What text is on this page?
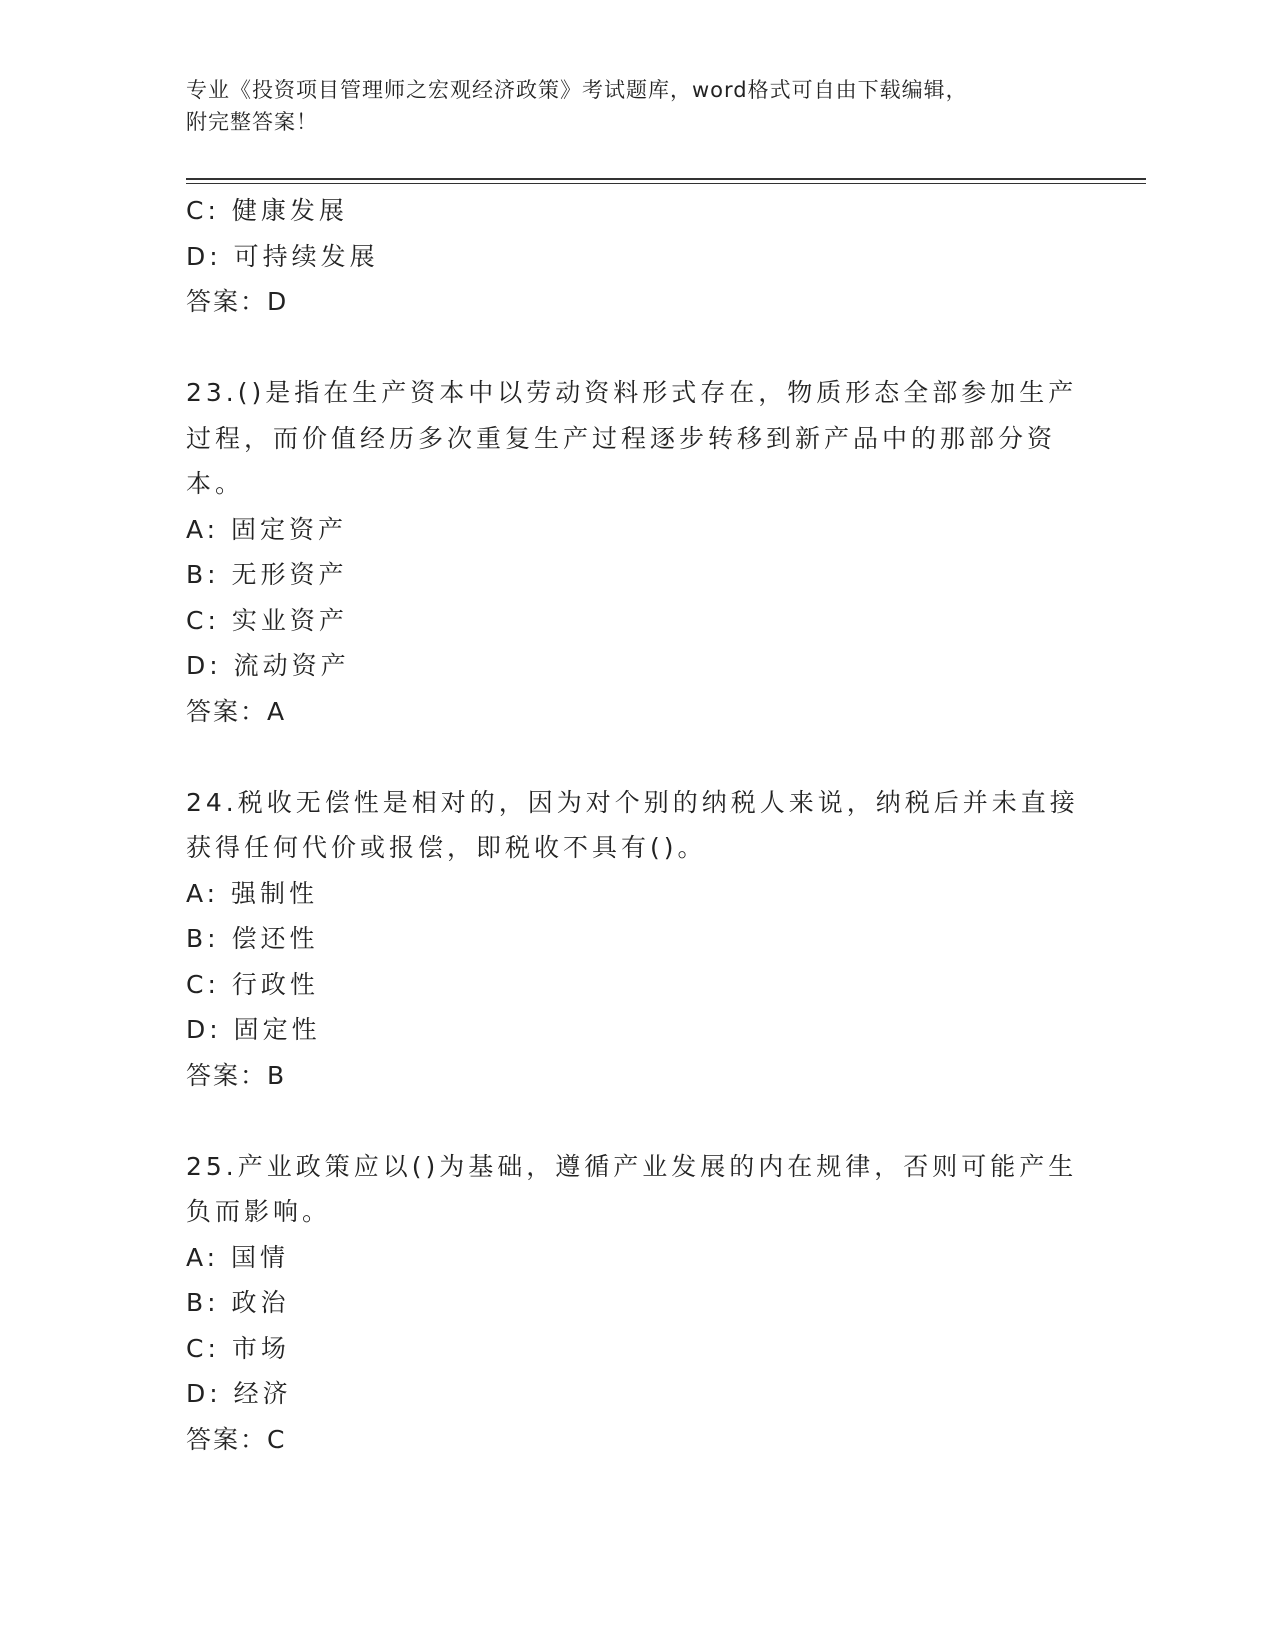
专业《投资项目管理师之宏观经济政策》考试题库，word格式可自由下载编辑，
附完整答案！

C: 健康发展

D: 可持续发展

答案：D

23.()是指在生产资本中以劳动资料形式存在，物质形态全部参加生产

过程，而价值经历多次重复生产过程逐步转移到新产品中的那部分资

本。

A: 固定资产

B: 无形资产

C: 实业资产

D: 流动资产

答案：A

24.税收无偿性是相对的，因为对个别的纳税人来说，纳税后并未直接

获得任何代价或报偿，即税收不具有()。

A: 强制性

B: 偿还性

C: 行政性

D: 固定性

答案：B

25.产业政策应以()为基础，遵循产业发展的内在规律，否则可能产生

负而影响。

A: 国情

B: 政治

C: 市场

D: 经济

答案：C
